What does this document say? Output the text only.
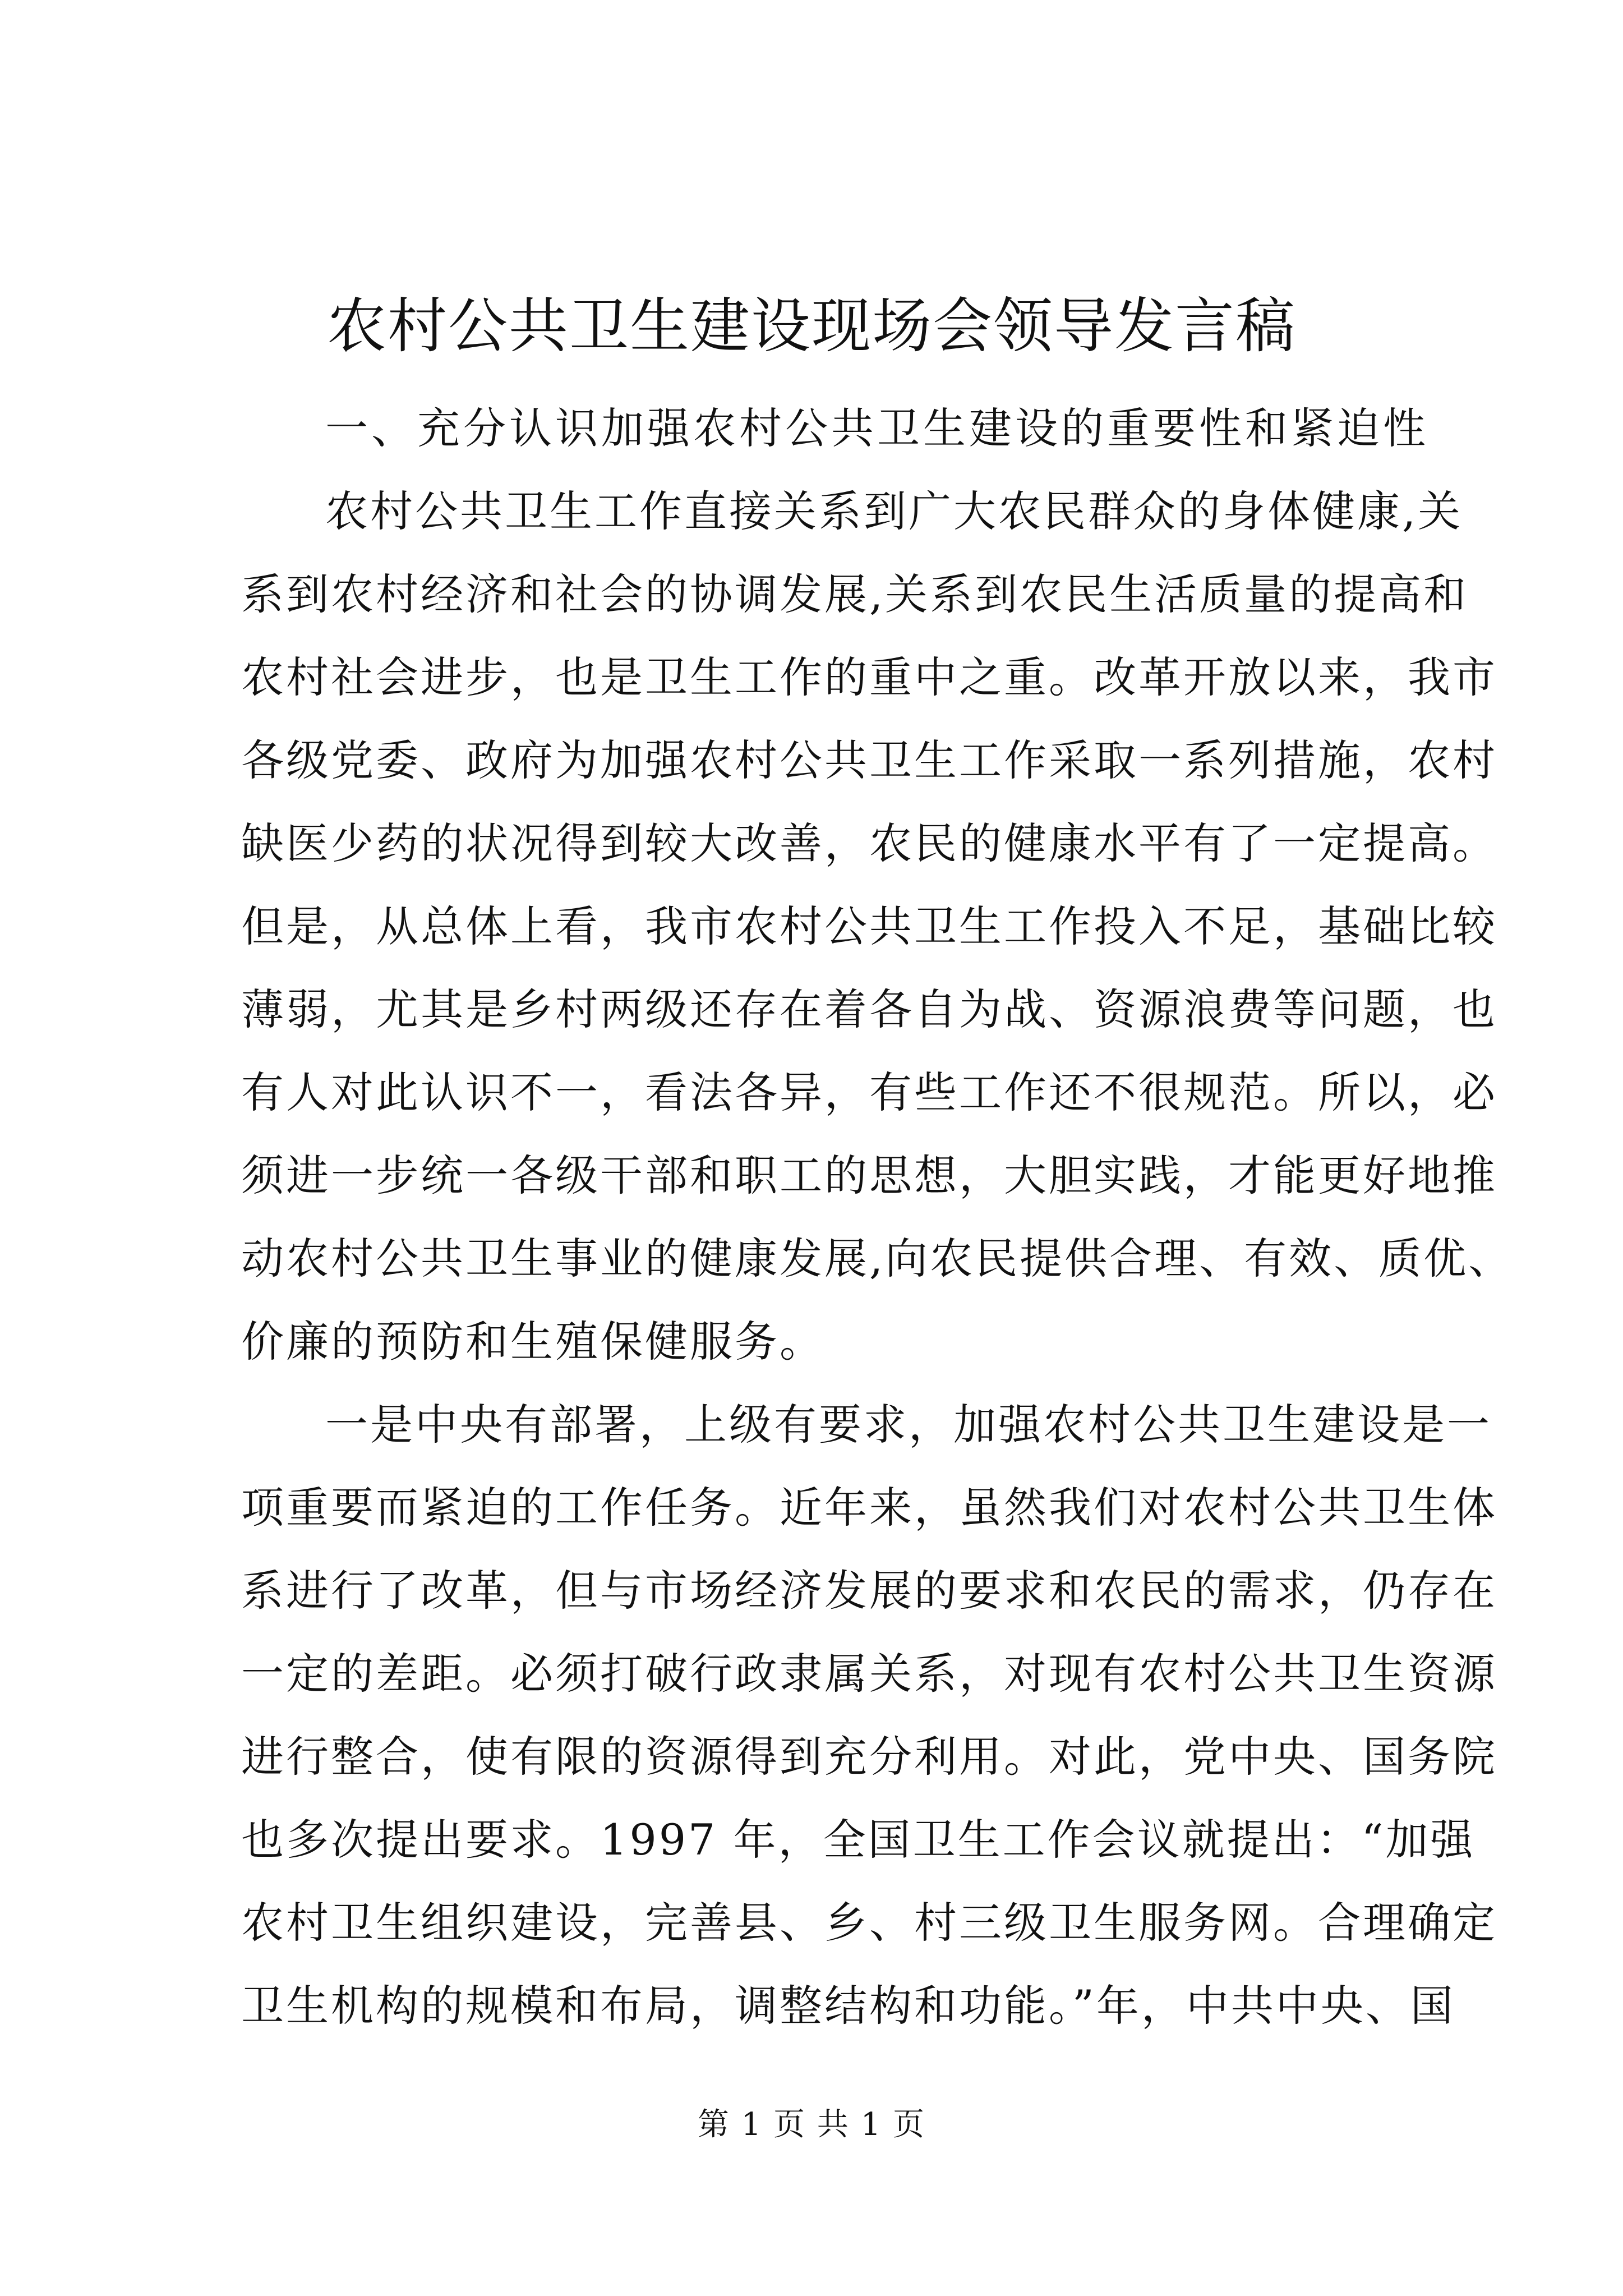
农村公共卫生建设现场会领导发言稿
一、充分认识加强农村公共卫生建设的重要性和紧迫性
农村公共卫生工作直接关系到广大农民群众的身体健康,关
系到农村经济和社会的协调发展,关系到农民生活质量的提高和
农村社会进步，也是卫生工作的重中之重。改革开放以来，我市
各级党委、政府为加强农村公共卫生工作采取一系列措施，农村
缺医少药的状况得到较大改善，农民的健康水平有了一定提高。
但是，从总体上看，我市农村公共卫生工作投入不足，基础比较
薄弱，尤其是乡村两级还存在着各自为战、资源浪费等问题，也
有人对此认识不一，看法各异，有些工作还不很规范。所以，必
须进一步统一各级干部和职工的思想，大胆实践，才能更好地推
动农村公共卫生事业的健康发展,向农民提供合理、有效、质优、
价廉的预防和生殖保健服务。
一是中央有部署，上级有要求，加强农村公共卫生建设是一
项重要而紧迫的工作任务。近年来，虽然我们对农村公共卫生体
系进行了改革，但与市场经济发展的要求和农民的需求，仍存在
一定的差距。必须打破行政隶属关系，对现有农村公共卫生资源
进行整合，使有限的资源得到充分利用。对此，党中央、国务院
也多次提出要求。1997 年，全国卫生工作会议就提出：“加强
农村卫生组织建设，完善县、乡、村三级卫生服务网。合理确定
卫生机构的规模和布局，调整结构和功能。”年，中共中央、国
第 1 页 共 1 页
